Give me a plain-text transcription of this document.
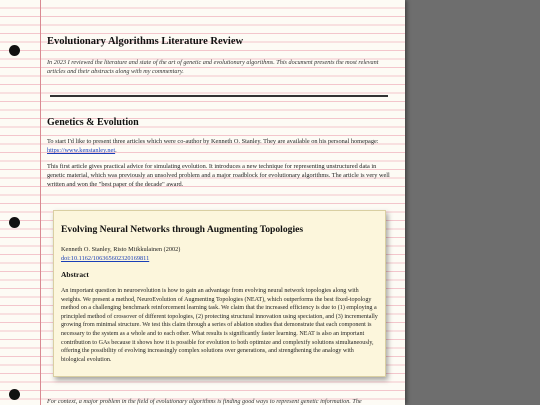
Evolutionary Algorithms Literature Review
In 2023 I reviewed the literature and state of the art of genetic and evolutionary algorithms. This document presents the most relevant articles and their abstracts along with my commentary.
Genetics & Evolution
To start I'd like to present three articles which were co-author by Kenneth O. Stanley. They are available on his personal homepage: https://www.kenstanley.net.
This first article gives practical advice for simulating evolution. It introduces a new technique for representing unstructured data in genetic material, which was previously an unsolved problem and a major roadblock for evolutionary algorithms. The article is very well written and won the "best paper of the decade" award.
Evolving Neural Networks through Augmenting Topologies
Kenneth O. Stanley, Risto Miikkulainen (2002)
doi:10.1162/106365602320169811
Abstract
An important question in neuroevolution is how to gain an advantage from evolving neural network topologies along with weights. We present a method, NeuroEvolution of Augmenting Topologies (NEAT), which outperforms the best fixed-topology method on a challenging benchmark reinforcement learning task. We claim that the increased efficiency is due to (1) employing a principled method of crossover of different topologies, (2) protecting structural innovation using speciation, and (3) incrementally growing from minimal structure. We test this claim through a series of ablation studies that demonstrate that each component is necessary to the system as a whole and to each other. What results is significantly faster learning. NEAT is also an important contribution to GAs because it shows how it is possible for evolution to both optimize and complexify solutions simultaneously, offering the possibility of evolving increasingly complex solutions over generations, and strengthening the analogy with biological evolution.
For context, a major problem in the field of evolutionary algorithms is finding good ways to represent genetic information. The
